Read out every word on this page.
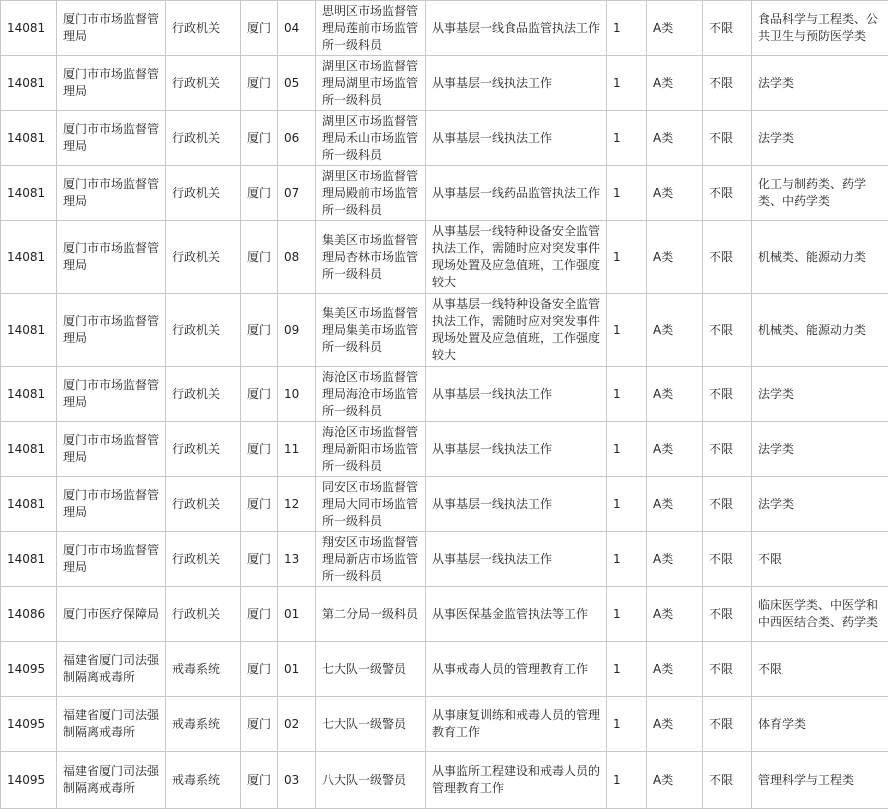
14081	厦门市市场监督管理局	行政机关	厦门	04	思明区市场监督管理局莲前市场监管所一级科员	从事基层一线食品监管执法工作	1	A类	不限	食品科学与工程类、公共卫生与预防医学类
14081	厦门市市场监督管理局	行政机关	厦门	05	湖里区市场监督管理局湖里市场监管所一级科员	从事基层一线执法工作	1	A类	不限	法学类
14081	厦门市市场监督管理局	行政机关	厦门	06	湖里区市场监督管理局禾山市场监管所一级科员	从事基层一线执法工作	1	A类	不限	法学类
14081	厦门市市场监督管理局	行政机关	厦门	07	湖里区市场监督管理局殿前市场监管所一级科员	从事基层一线药品监管执法工作	1	A类	不限	化工与制药类、药学类、中药学类
14081	厦门市市场监督管理局	行政机关	厦门	08	集美区市场监督管理局杏林市场监管所一级科员	从事基层一线特种设备安全监管执法工作，需随时应对突发事件现场处置及应急值班，工作强度较大	1	A类	不限	机械类、能源动力类
14081	厦门市市场监督管理局	行政机关	厦门	09	集美区市场监督管理局集美市场监管所一级科员	从事基层一线特种设备安全监管执法工作，需随时应对突发事件现场处置及应急值班，工作强度较大	1	A类	不限	机械类、能源动力类
14081	厦门市市场监督管理局	行政机关	厦门	10	海沧区市场监督管理局海沧市场监管所一级科员	从事基层一线执法工作	1	A类	不限	法学类
14081	厦门市市场监督管理局	行政机关	厦门	11	海沧区市场监督管理局新阳市场监管所一级科员	从事基层一线执法工作	1	A类	不限	法学类
14081	厦门市市场监督管理局	行政机关	厦门	12	同安区市场监督管理局大同市场监管所一级科员	从事基层一线执法工作	1	A类	不限	法学类
14081	厦门市市场监督管理局	行政机关	厦门	13	翔安区市场监督管理局新店市场监管所一级科员	从事基层一线执法工作	1	A类	不限	不限
14086	厦门市医疗保障局	行政机关	厦门	01	第二分局一级科员	从事医保基金监管执法等工作	1	A类	不限	临床医学类、中医学和中西医结合类、药学类
14095	福建省厦门司法强制隔离戒毒所	戒毒系统	厦门	01	七大队一级警员	从事戒毒人员的管理教育工作	1	A类	不限	不限
14095	福建省厦门司法强制隔离戒毒所	戒毒系统	厦门	02	七大队一级警员	从事康复训练和戒毒人员的管理教育工作	1	A类	不限	体育学类
14095	福建省厦门司法强制隔离戒毒所	戒毒系统	厦门	03	八大队一级警员	从事监所工程建设和戒毒人员的管理教育工作	1	A类	不限	管理科学与工程类
